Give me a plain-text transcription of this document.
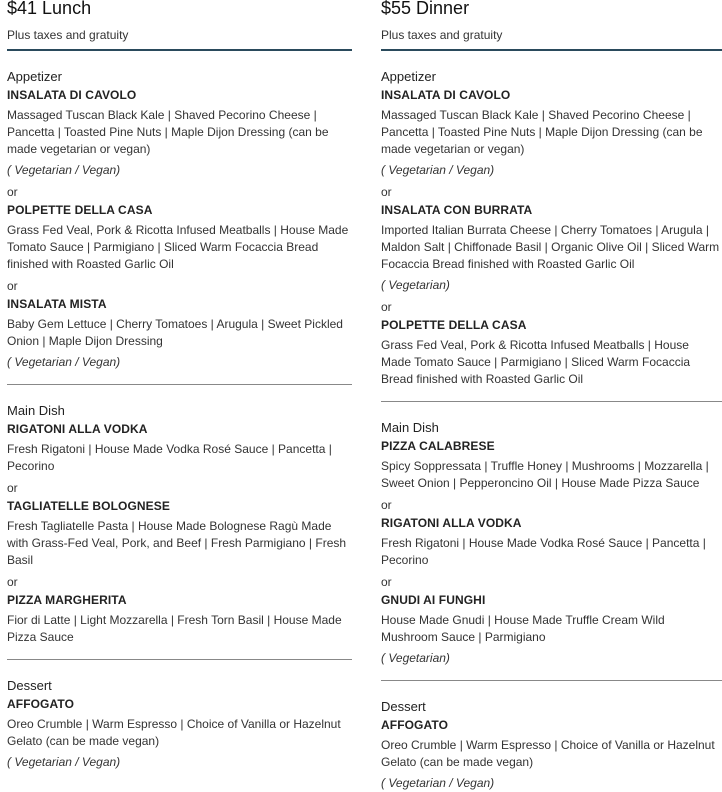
$41 Lunch
Plus taxes and gratuity
Appetizer
INSALATA DI CAVOLO
Massaged Tuscan Black Kale | Shaved Pecorino Cheese | Pancetta | Toasted Pine Nuts | Maple Dijon Dressing (can be made vegetarian or vegan)
( Vegetarian / Vegan)
or
POLPETTE DELLA CASA
Grass Fed Veal, Pork & Ricotta Infused Meatballs | House Made Tomato Sauce | Parmigiano | Sliced Warm Focaccia Bread finished with Roasted Garlic Oil
or
INSALATA MISTA
Baby Gem Lettuce | Cherry Tomatoes | Arugula | Sweet Pickled Onion | Maple Dijon Dressing
( Vegetarian / Vegan)
Main Dish
RIGATONI ALLA VODKA
Fresh Rigatoni | House Made Vodka Rosé Sauce | Pancetta | Pecorino
or
TAGLIATELLE BOLOGNESE
Fresh Tagliatelle Pasta | House Made Bolognese Ragù Made with Grass-Fed Veal, Pork, and Beef | Fresh Parmigiano | Fresh Basil
or
PIZZA MARGHERITA
Fior di Latte | Light Mozzarella | Fresh Torn Basil | House Made Pizza Sauce
Dessert
AFFOGATO
Oreo Crumble | Warm Espresso | Choice of Vanilla or Hazelnut Gelato (can be made vegan)
( Vegetarian / Vegan)
$55 Dinner
Plus taxes and gratuity
Appetizer
INSALATA DI CAVOLO
Massaged Tuscan Black Kale | Shaved Pecorino Cheese | Pancetta | Toasted Pine Nuts | Maple Dijon Dressing (can be made vegetarian or vegan)
( Vegetarian / Vegan)
or
INSALATA CON BURRATA
Imported Italian Burrata Cheese | Cherry Tomatoes | Arugula | Maldon Salt | Chiffonade Basil | Organic Olive Oil | Sliced Warm Focaccia Bread finished with Roasted Garlic Oil
( Vegetarian)
or
POLPETTE DELLA CASA
Grass Fed Veal, Pork & Ricotta Infused Meatballs | House Made Tomato Sauce | Parmigiano | Sliced Warm Focaccia Bread finished with Roasted Garlic Oil
Main Dish
PIZZA CALABRESE
Spicy Soppressata | Truffle Honey | Mushrooms | Mozzarella | Sweet Onion | Pepperoncino Oil | House Made Pizza Sauce
or
RIGATONI ALLA VODKA
Fresh Rigatoni | House Made Vodka Rosé Sauce | Pancetta | Pecorino
or
GNUDI AI FUNGHI
House Made Gnudi | House Made Truffle Cream Wild Mushroom Sauce | Parmigiano
( Vegetarian)
Dessert
AFFOGATO
Oreo Crumble | Warm Espresso | Choice of Vanilla or Hazelnut Gelato (can be made vegan)
( Vegetarian / Vegan)
